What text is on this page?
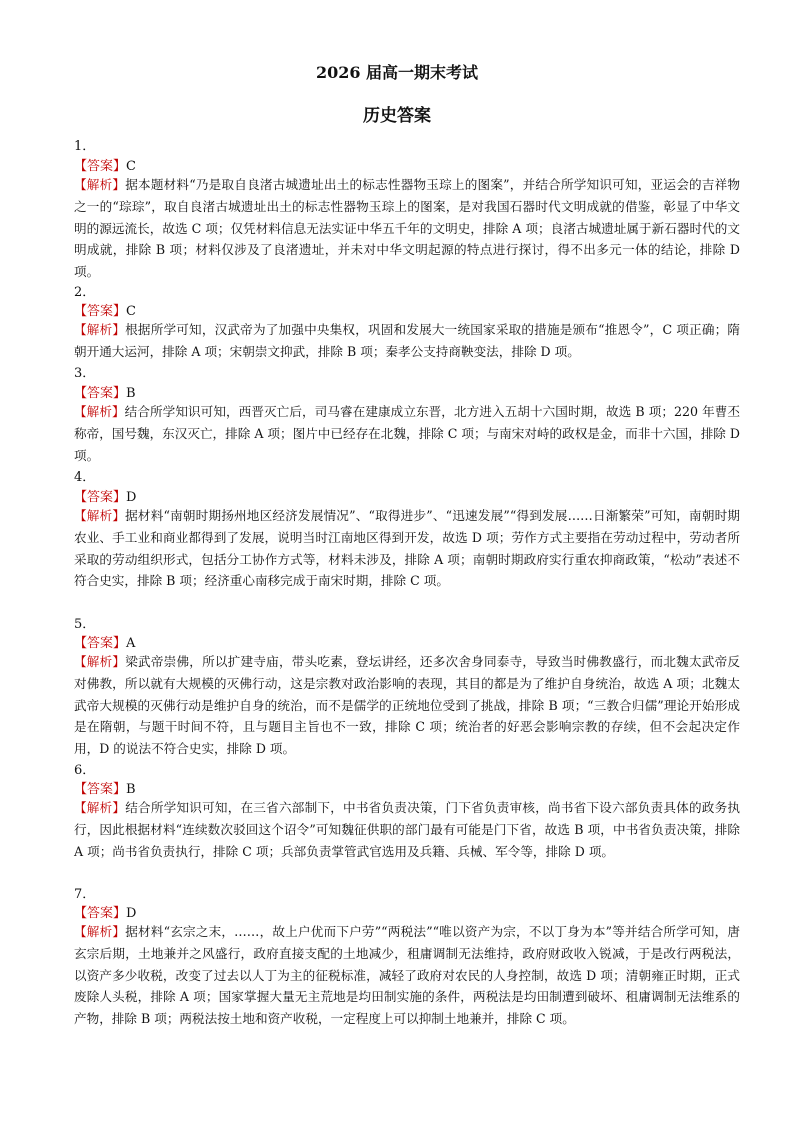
2026 届高一期末考试
历史答案
1．
【答案】C
【解析】据本题材料“乃是取自良渚古城遗址出土的标志性器物玉琮上的图案”，并结合所学知识可知，亚运会的吉祥物之一的“琮琮”，取自良渚古城遗址出土的标志性器物玉琮上的图案，是对我国石器时代文明成就的借鉴，彰显了中华文明的源远流长，故选 C 项；仅凭材料信息无法实证中华五千年的文明史，排除 A 项；良渚古城遗址属于新石器时代的文明成就，排除 B 项；材料仅涉及了良渚遗址，并未对中华文明起源的特点进行探讨，得不出多元一体的结论，排除 D 项。
2．
【答案】C
【解析】根据所学可知，汉武帝为了加强中央集权，巩固和发展大一统国家采取的措施是颁布“推恩令”，C 项正确；隋朝开通大运河，排除 A 项；宋朝崇文抑武，排除 B 项；秦孝公支持商鞅变法，排除 D 项。
3．
【答案】B
【解析】结合所学知识可知，西晋灭亡后，司马睿在建康成立东晋，北方进入五胡十六国时期，故选 B 项；220 年曹丕称帝，国号魏，东汉灭亡，排除 A 项；图片中已经存在北魏，排除 C 项；与南宋对峙的政权是金，而非十六国，排除 D 项。
4．
【答案】D
【解析】据材料“南朝时期扬州地区经济发展情况”、“取得进步”、“迅速发展”“得到发展……日渐繁荣”可知，南朝时期农业、手工业和商业都得到了发展，说明当时江南地区得到开发，故选 D 项；劳作方式主要指在劳动过程中，劳动者所采取的劳动组织形式，包括分工协作方式等，材料未涉及，排除 A 项；南朝时期政府实行重农抑商政策，“松动”表述不符合史实，排除 B 项；经济重心南移完成于南宋时期，排除 C 项。
5．
【答案】A
【解析】梁武帝崇佛，所以扩建寺庙，带头吃素，登坛讲经，还多次舍身同泰寺，导致当时佛教盛行，而北魏太武帝反对佛教，所以就有大规模的灭佛行动，这是宗教对政治影响的表现，其目的都是为了维护自身统治，故选 A 项；北魏太武帝大规模的灭佛行动是维护自身的统治，而不是儒学的正统地位受到了挑战，排除 B 项；“三教合归儒”理论开始形成是在隋朝，与题干时间不符，且与题目主旨也不一致，排除 C 项；统治者的好恶会影响宗教的存续，但不会起决定作用，D 的说法不符合史实，排除 D 项。
6．
【答案】B
【解析】结合所学知识可知，在三省六部制下，中书省负责决策，门下省负责审核，尚书省下设六部负责具体的政务执行，因此根据材料“连续数次驳回这个诏令”可知魏征供职的部门最有可能是门下省，故选 B 项，中书省负责决策，排除 A 项；尚书省负责执行，排除 C 项；兵部负责掌管武官选用及兵籍、兵械、军令等，排除 D 项。
7．
【答案】D
【解析】据材料“玄宗之末，……，故上户优而下户劳”“两税法”“唯以资产为宗，不以丁身为本”等并结合所学可知，唐玄宗后期，土地兼并之风盛行，政府直接支配的土地减少，租庸调制无法维持，政府财政收入锐减，于是改行两税法，以资产多少收税，改变了过去以人丁为主的征税标准，减轻了政府对农民的人身控制，故选 D 项；清朝雍正时期，正式废除人头税，排除 A 项；国家掌握大量无主荒地是均田制实施的条件，两税法是均田制遭到破坏、租庸调制无法维系的产物，排除 B 项；两税法按土地和资产收税，一定程度上可以抑制土地兼并，排除 C 项。
